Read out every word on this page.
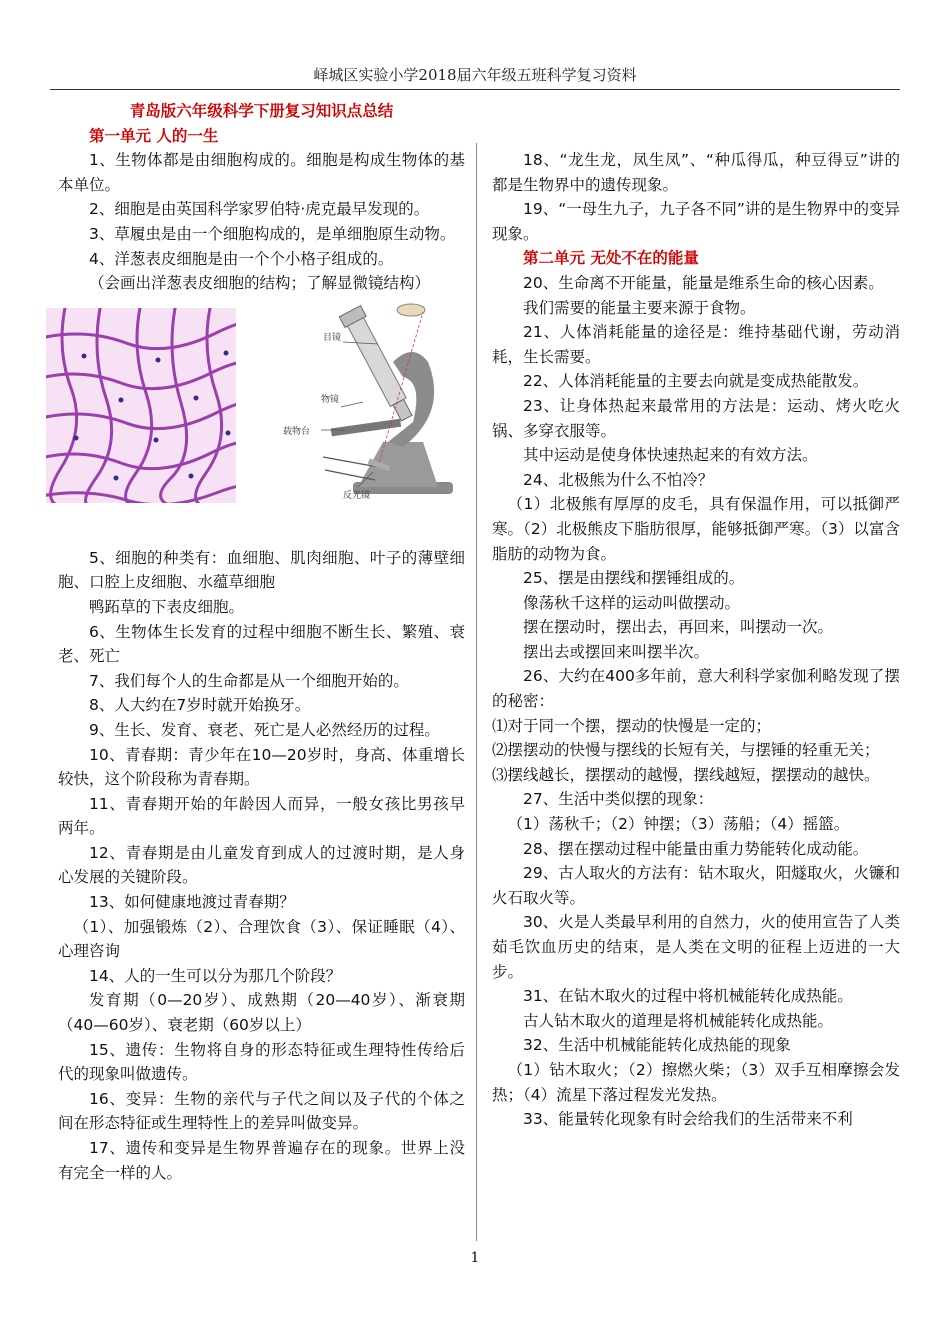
峄城区实验小学2018届六年级五班科学复习资料

青岛版六年级科学下册复习知识点总结

第一单元 人的一生

1、生物体都是由细胞构成的。细胞是构成生物体的基本单位。

2、细胞是由英国科学家罗伯特·虎克最早发现的。

3、草履虫是由一个细胞构成的，是单细胞原生动物。

4、洋葱表皮细胞是由一个个小格子组成的。

（会画出洋葱表皮细胞的结构；了解显微镜结构）

目镜
物镜
载物台
反光镜

5、细胞的种类有：血细胞、肌肉细胞、叶子的薄壁细胞、口腔上皮细胞、水蕴草细胞

鸭跖草的下表皮细胞。

6、生物体生长发育的过程中细胞不断生长、繁殖、衰老、死亡

7、我们每个人的生命都是从一个细胞开始的。

8、人大约在7岁时就开始换牙。

9、生长、发育、衰老、死亡是人必然经历的过程。

10、青春期：青少年在10—20岁时，身高、体重增长较快，这个阶段称为青春期。

11、青春期开始的年龄因人而异，一般女孩比男孩早两年。

12、青春期是由儿童发育到成人的过渡时期，是人身心发展的关键阶段。

13、如何健康地渡过青春期？

（1）、加强锻炼（2）、合理饮食（3）、保证睡眠（4）、心理咨询

14、人的一生可以分为那几个阶段？

发育期（0—20岁）、成熟期（20—40岁）、渐衰期（40—60岁）、衰老期（60岁以上）

15、遗传：生物将自身的形态特征或生理特性传给后代的现象叫做遗传。

16、变异：生物的亲代与子代之间以及子代的个体之间在形态特征或生理特性上的差异叫做变异。

17、遗传和变异是生物界普遍存在的现象。世界上没有完全一样的人。

18、“龙生龙，凤生凤”、“种瓜得瓜，种豆得豆”讲的都是生物界中的遗传现象。

19、“一母生九子，九子各不同”讲的是生物界中的变异现象。

第二单元 无处不在的能量

20、生命离不开能量，能量是维系生命的核心因素。

我们需要的能量主要来源于食物。

21、人体消耗能量的途径是：维持基础代谢，劳动消耗，生长需要。

22、人体消耗能量的主要去向就是变成热能散发。

23、让身体热起来最常用的方法是：运动、烤火吃火锅、多穿衣服等。

其中运动是使身体快速热起来的有效方法。

24、北极熊为什么不怕冷？

（1）北极熊有厚厚的皮毛，具有保温作用，可以抵御严寒。（2）北极熊皮下脂肪很厚，能够抵御严寒。（3）以富含脂肪的动物为食。

25、摆是由摆线和摆锤组成的。

像荡秋千这样的运动叫做摆动。

摆在摆动时，摆出去，再回来，叫摆动一次。

摆出去或摆回来叫摆半次。

26、大约在400多年前，意大利科学家伽利略发现了摆的秘密：

⑴对于同一个摆，摆动的快慢是一定的；

⑵摆摆动的快慢与摆线的长短有关，与摆锤的轻重无关；

⑶摆线越长，摆摆动的越慢，摆线越短，摆摆动的越快。

27、生活中类似摆的现象：

（1）荡秋千；（2）钟摆；（3）荡船；（4）摇篮。

28、摆在摆动过程中能量由重力势能转化成动能。

29、古人取火的方法有：钻木取火，阳燧取火，火镰和火石取火等。

30、火是人类最早利用的自然力，火的使用宣告了人类茹毛饮血历史的结束，是人类在文明的征程上迈进的一大步。

31、在钻木取火的过程中将机械能转化成热能。

古人钻木取火的道理是将机械能转化成热能。

32、生活中机械能能转化成热能的现象

（1）钻木取火；（2）擦燃火柴；（3）双手互相摩擦会发热；（4）流星下落过程发光发热。

33、能量转化现象有时会给我们的生活带来不利

1
